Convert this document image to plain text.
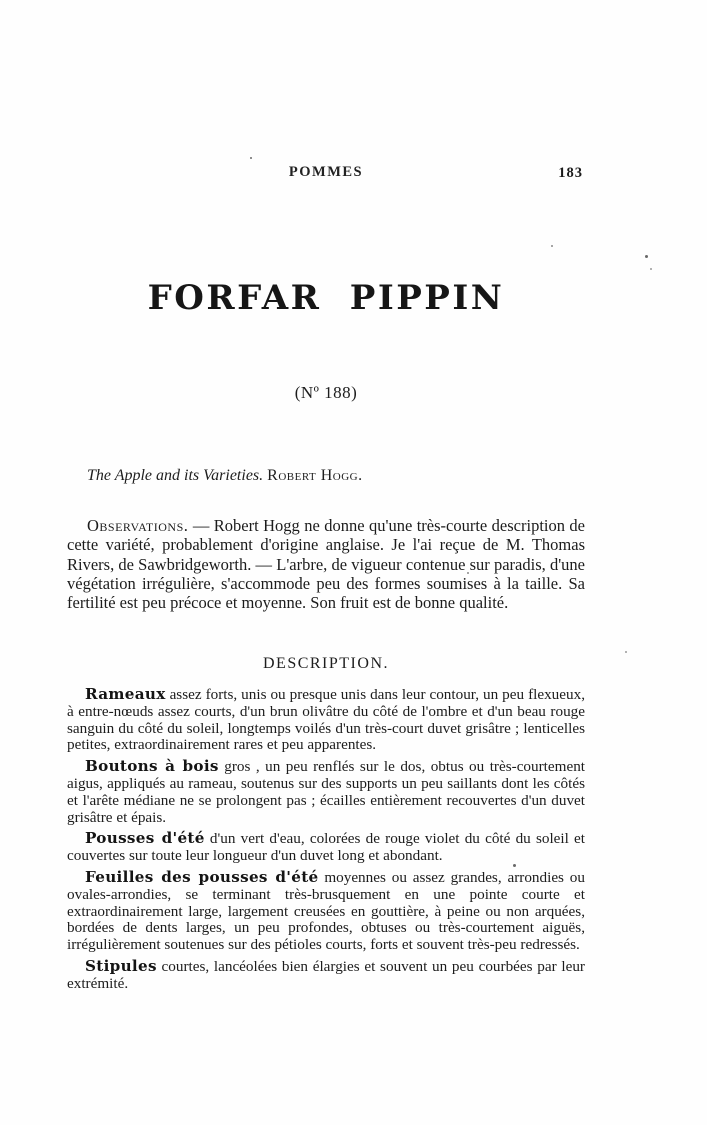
POMMES	183
FORFAR PIPPIN
(Nº 188)

The Apple and its Varieties. Robert Hogg.

Observations. — Robert Hogg ne donne qu'une très-courte description de cette variété, probablement d'origine anglaise. Je l'ai reçue de M. Thomas Rivers, de Sawbridgeworth. — L'arbre, de vigueur contenue sur paradis, d'une végétation irrégulière, s'accommode peu des formes soumises à la taille. Sa fertilité est peu précoce et moyenne. Son fruit est de bonne qualité.

DESCRIPTION.

Rameaux assez forts, unis ou presque unis dans leur contour, un peu flexueux, à entre-nœuds assez courts, d'un brun olivâtre du côté de l'ombre et d'un beau rouge sanguin du côté du soleil, longtemps voilés d'un très-court duvet grisâtre ; lenticelles petites, extraordinairement rares et peu apparentes.

Boutons à bois gros , un peu renflés sur le dos, obtus ou très-courtement aigus, appliqués au rameau, soutenus sur des supports un peu saillants dont les côtés et l'arête médiane ne se prolongent pas ; écailles entièrement recouvertes d'un duvet grisâtre et épais.

Pousses d'été d'un vert d'eau, colorées de rouge violet du côté du soleil et couvertes sur toute leur longueur d'un duvet long et abondant.

Feuilles des pousses d'été moyennes ou assez grandes, arrondies ou ovales-arrondies, se terminant très-brusquement en une pointe courte et extraordinairement large, largement creusées en gouttière, à peine ou non arquées, bordées de dents larges, un peu profondes, obtuses ou très-courtement aiguës, irrégulièrement soutenues sur des pétioles courts, forts et souvent très-peu redressés.

Stipules courtes, lancéolées bien élargies et souvent un peu courbées par leur extrémité.
